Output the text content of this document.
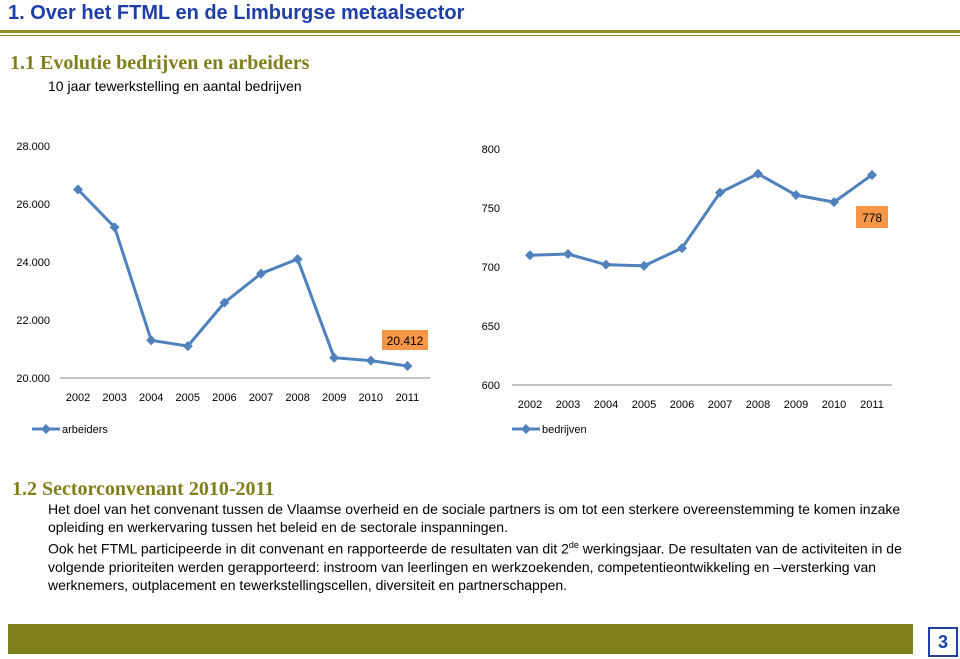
1. Over het FTML en de Limburgse metaalsector
1.1 Evolutie bedrijven en arbeiders
10 jaar tewerkstelling en aantal bedrijven
28.000
26.000
24.000
22.000
20.000
2002 2003 2004 2005 2006 2007 2008 2009 2010 2011
20.412
arbeiders
800
750
700
650
600
2002 2003 2004 2005 2006 2007 2008 2009 2010 2011
778
bedrijven
1.2 Sectorconvenant 2010-2011

Het doel van het convenant tussen de Vlaamse overheid en de sociale partners is om tot een sterkere overeenstemming te komen inzake opleiding en werkervaring tussen het beleid en de sectorale inspanningen.

Ook het FTML participeerde in dit convenant en rapporteerde de resultaten van dit 2de werkingsjaar. De resultaten van de activiteiten in de volgende prioriteiten werden gerapporteerd: instroom van leerlingen en werkzoekenden, competentieontwikkeling en –versterking van werknemers, outplacement en tewerkstellingscellen, diversiteit en partnerschappen.

3
